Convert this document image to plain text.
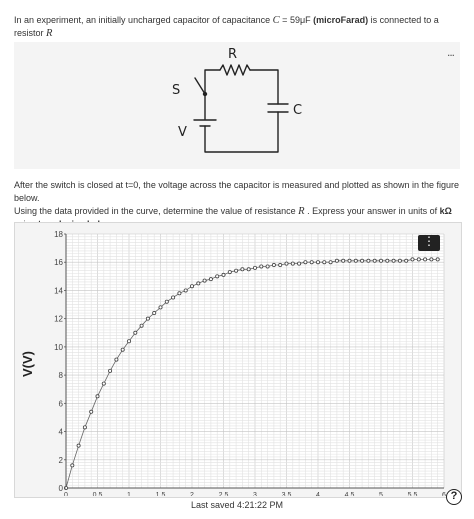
In an experiment, an initially uncharged capacitor of capacitance C = 59μF (microFarad) is connected to a resistor R
...
R
S
V
C
After the switch is closed at t=0, the voltage across the capacitor is measured and plotted as shown in the figure below.
Using the data provided in the curve, determine the value of resistance R . Express your answer in units of kΩ
0
2
4
6
8
10
12
14
16
18
0	0.5	1	1.5	2	2.5	3	3.5	4	4.5	5	5.5	6
V(V)
⋮
Last saved 4:21:22 PM
?
